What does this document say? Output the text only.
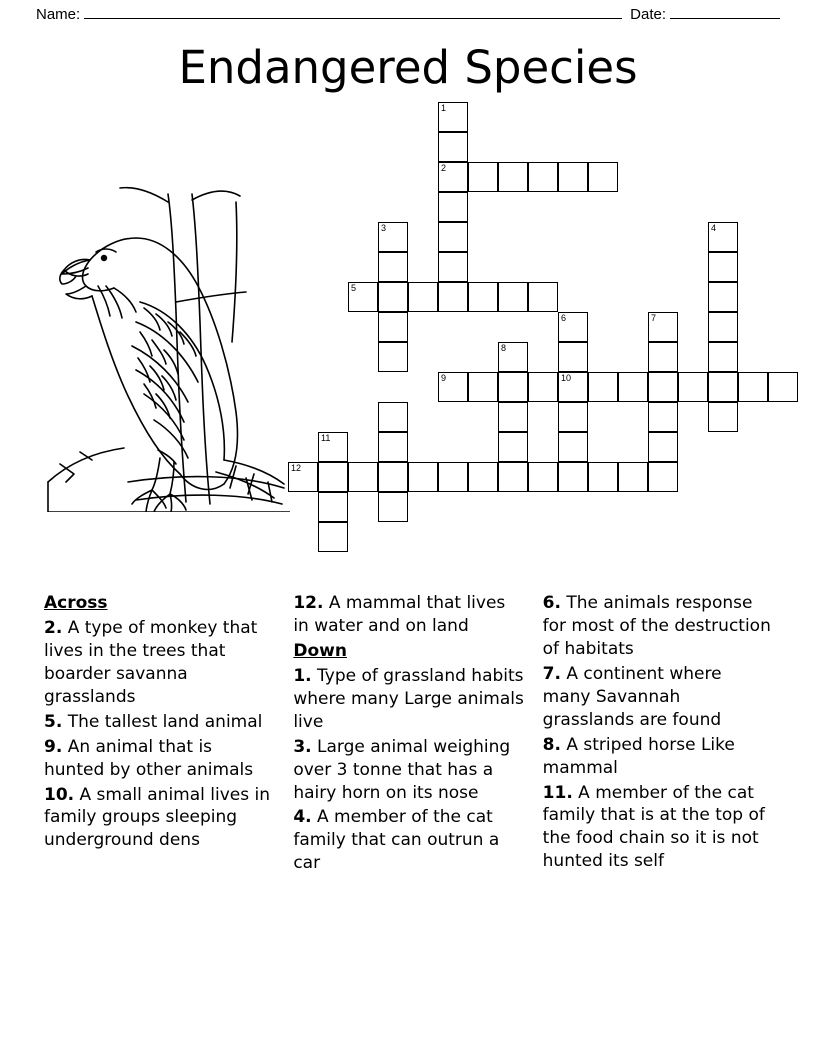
Name:	Date:
Endangered Species
1
2
3	4
5
6	7
8
9	10
11
12
Across
2. A type of monkey that lives in the trees that boarder savanna grasslands
5. The tallest land animal
9. An animal that is hunted by other animals
10. A small animal lives in family groups sleeping underground dens
12. A mammal that lives in water and on land
Down
1. Type of grassland habits where many Large animals live
3. Large animal weighing over 3 tonne that has a hairy horn on its nose
4. A member of the cat family that can outrun a car
6. The animals response for most of the destruction of habitats
7. A continent where many Savannah grasslands are found
8. A striped horse Like mammal
11. A member of the cat family that is at the top of the food chain so it is not hunted its self
